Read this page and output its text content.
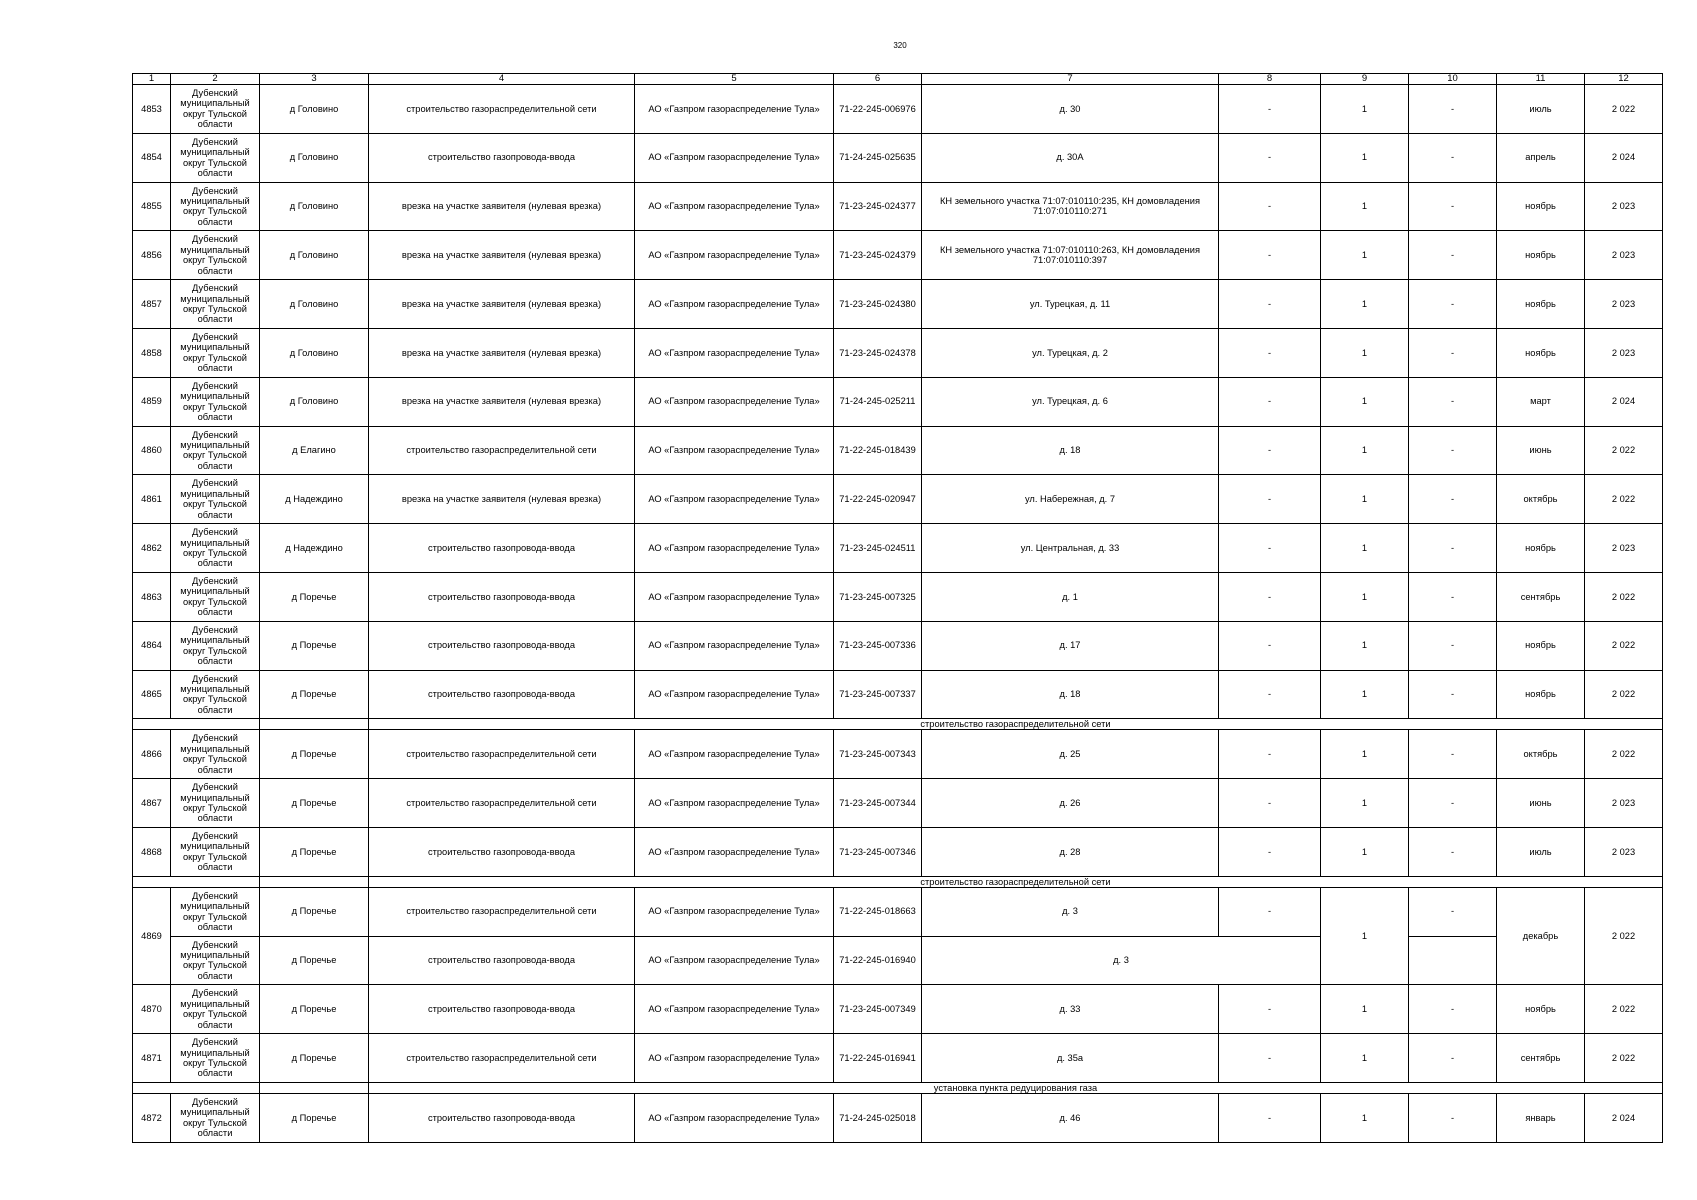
320
1	2	3	4	5	6	7	8	9	10	11	12
4853	Дубенский муниципальный округ Тульской области	д Головино	строительство газораспределительной сети	АО «Газпром газораспределение Тула»	71-22-245-006976	д. 30	-	1	-	июль	2 022
4854	Дубенский муниципальный округ Тульской области	д Головино	строительство газопровода-ввода	АО «Газпром газораспределение Тула»	71-24-245-025635	д. 30А	-	1	-	апрель	2 024
4855	Дубенский муниципальный округ Тульской области	д Головино	врезка на участке заявителя (нулевая врезка)	АО «Газпром газораспределение Тула»	71-23-245-024377	КН земельного участка 71:07:010110:235, КН домовладения 71:07:010110:271	-	1	-	ноябрь	2 023
4856	Дубенский муниципальный округ Тульской области	д Головино	врезка на участке заявителя (нулевая врезка)	АО «Газпром газораспределение Тула»	71-23-245-024379	КН земельного участка 71:07:010110:263, КН домовладения 71:07:010110:397	-	1	-	ноябрь	2 023
4857	Дубенский муниципальный округ Тульской области	д Головино	врезка на участке заявителя (нулевая врезка)	АО «Газпром газораспределение Тула»	71-23-245-024380	ул. Турецкая, д. 11	-	1	-	ноябрь	2 023
4858	Дубенский муниципальный округ Тульской области	д Головино	врезка на участке заявителя (нулевая врезка)	АО «Газпром газораспределение Тула»	71-23-245-024378	ул. Турецкая, д. 2	-	1	-	ноябрь	2 023
4859	Дубенский муниципальный округ Тульской области	д Головино	врезка на участке заявителя (нулевая врезка)	АО «Газпром газораспределение Тула»	71-24-245-025211	ул. Турецкая, д. 6	-	1	-	март	2 024
4860	Дубенский муниципальный округ Тульской области	д Елагино	строительство газораспределительной сети	АО «Газпром газораспределение Тула»	71-22-245-018439	д. 18	-	1	-	июнь	2 022
4861	Дубенский муниципальный округ Тульской области	д Надеждино	врезка на участке заявителя (нулевая врезка)	АО «Газпром газораспределение Тула»	71-22-245-020947	ул. Набережная, д. 7	-	1	-	октябрь	2 022
4862	Дубенский муниципальный округ Тульской области	д Надеждино	строительство газопровода-ввода	АО «Газпром газораспределение Тула»	71-23-245-024511	ул. Центральная, д. 33	-	1	-	ноябрь	2 023
4863	Дубенский муниципальный округ Тульской области	д Поречье	строительство газопровода-ввода	АО «Газпром газораспределение Тула»	71-23-245-007325	д. 1	-	1	-	сентябрь	2 022
4864	Дубенский муниципальный округ Тульской области	д Поречье	строительство газопровода-ввода	АО «Газпром газораспределение Тула»	71-23-245-007336	д. 17	-	1	-	ноябрь	2 022
4865	Дубенский муниципальный округ Тульской области	д Поречье	строительство газопровода-ввода	АО «Газпром газораспределение Тула»	71-23-245-007337	д. 18	-	1	-	ноябрь	2 022
			строительство газораспределительной сети								
4866	Дубенский муниципальный округ Тульской области	д Поречье	строительство газораспределительной сети	АО «Газпром газораспределение Тула»	71-23-245-007343	д. 25	-	1	-	октябрь	2 022
4867	Дубенский муниципальный округ Тульской области	д Поречье	строительство газораспределительной сети	АО «Газпром газораспределение Тула»	71-23-245-007344	д. 26	-	1	-	июнь	2 023
4868	Дубенский муниципальный округ Тульской области	д Поречье	строительство газопровода-ввода	АО «Газпром газораспределение Тула»	71-23-245-007346	д. 28	-	1	-	июль	2 023
			строительство газораспределительной сети								
4869	Дубенский муниципальный округ Тульской области	д Поречье	строительство газораспределительной сети	АО «Газпром газораспределение Тула»	71-22-245-018663	д. 3	-	1	-	декабрь	2 022
	Дубенский муниципальный округ Тульской области	д Поречье	строительство газопровода-ввода	АО «Газпром газораспределение Тула»	71-22-245-016940	д. 3					
4870	Дубенский муниципальный округ Тульской области	д Поречье	строительство газопровода-ввода	АО «Газпром газораспределение Тула»	71-23-245-007349	д. 33	-	1	-	ноябрь	2 022
4871	Дубенский муниципальный округ Тульской области	д Поречье	строительство газораспределительной сети	АО «Газпром газораспределение Тула»	71-22-245-016941	д. 35а	-	1	-	сентябрь	2 022
			установка пункта редуцирования газа								
4872	Дубенский муниципальный округ Тульской области	д Поречье	строительство газопровода-ввода	АО «Газпром газораспределение Тула»	71-24-245-025018	д. 46	-	1	-	январь	2 024
